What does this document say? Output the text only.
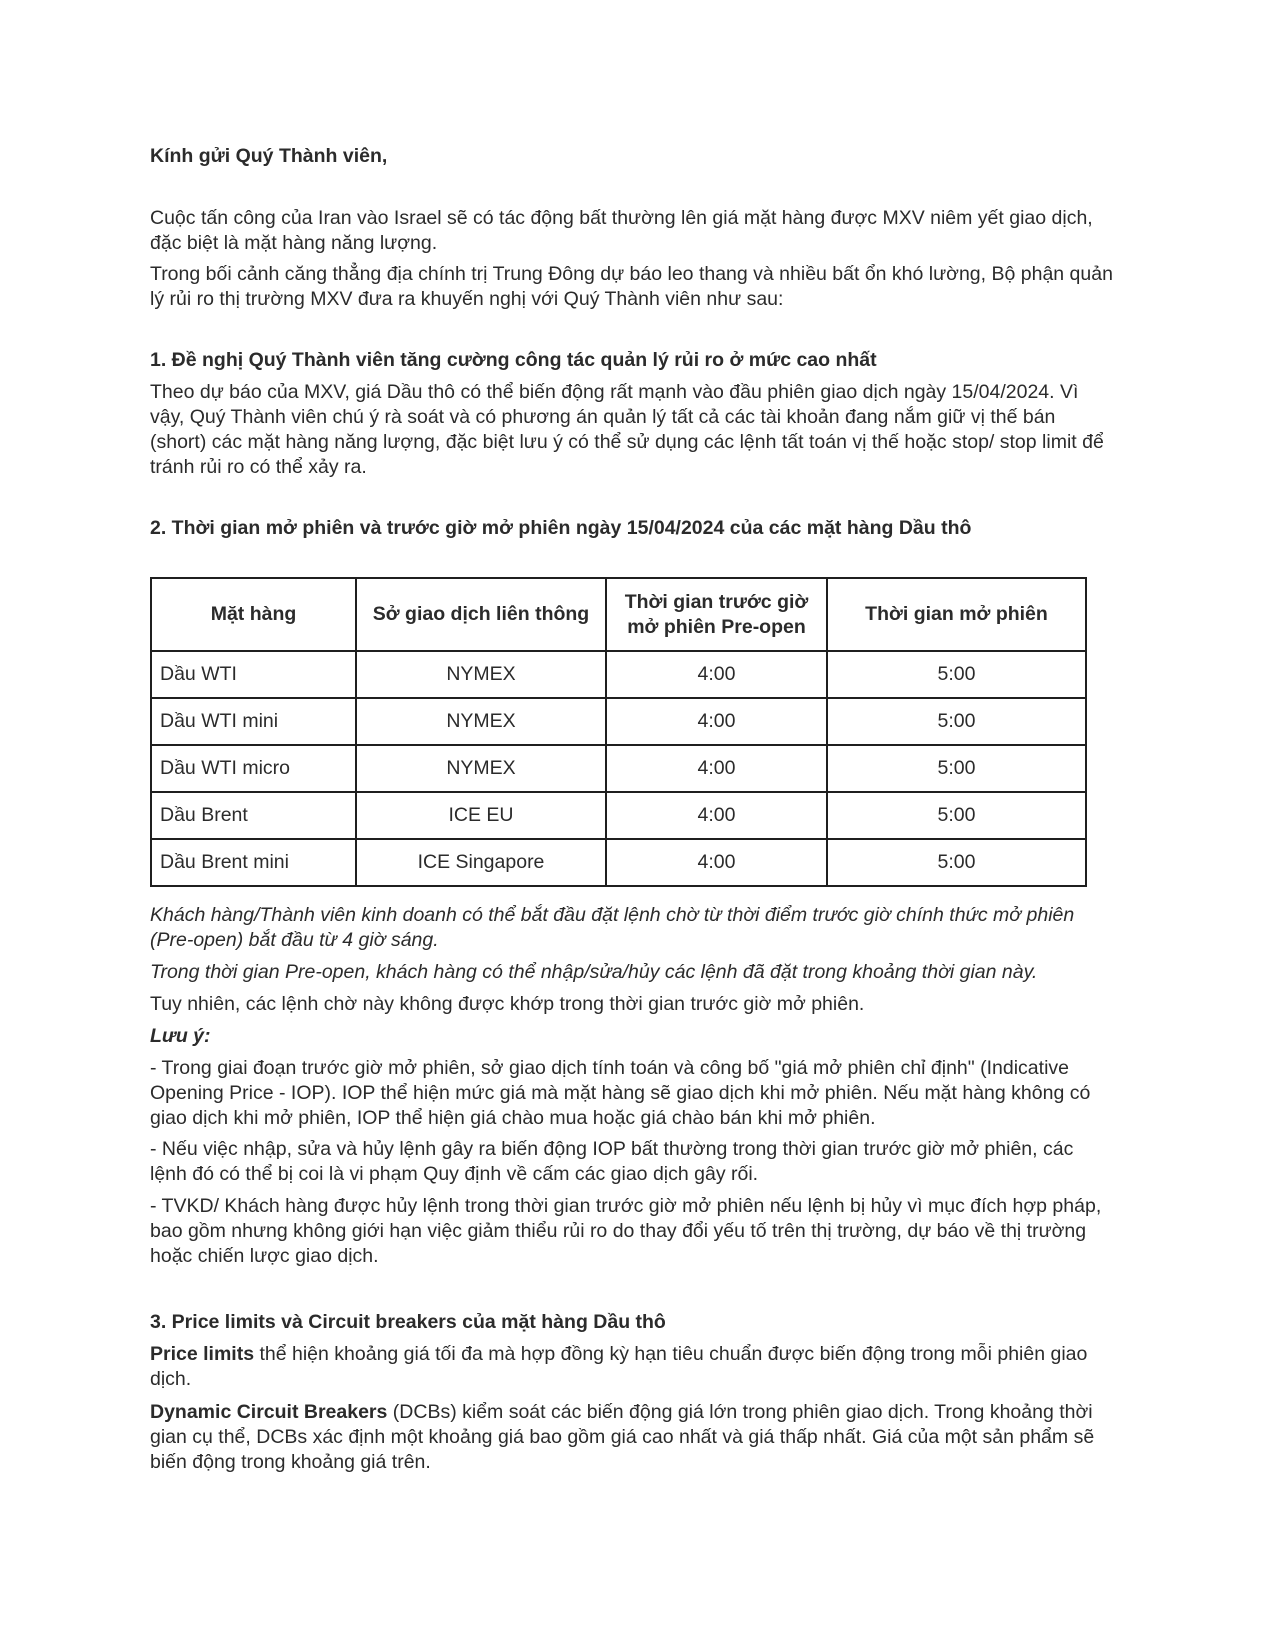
Kính gửi Quý Thành viên,

Cuộc tấn công của Iran vào Israel sẽ có tác động bất thường lên giá mặt hàng được MXV niêm yết giao dịch, đặc biệt là mặt hàng năng lượng.

Trong bối cảnh căng thẳng địa chính trị Trung Đông dự báo leo thang và nhiều bất ổn khó lường, Bộ phận quản lý rủi ro thị trường MXV đưa ra khuyến nghị với Quý Thành viên như sau:

1. Đề nghị Quý Thành viên tăng cường công tác quản lý rủi ro ở mức cao nhất

Theo dự báo của MXV, giá Dầu thô có thể biến động rất mạnh vào đầu phiên giao dịch ngày 15/04/2024. Vì vậy, Quý Thành viên chú ý rà soát và có phương án quản lý tất cả các tài khoản đang nắm giữ vị thế bán (short) các mặt hàng năng lượng, đặc biệt lưu ý có thể sử dụng các lệnh tất toán vị thế hoặc stop/ stop limit để tránh rủi ro có thể xảy ra.

2. Thời gian mở phiên và trước giờ mở phiên ngày 15/04/2024 của các mặt hàng Dầu thô

Mặt hàng	Sở giao dịch liên thông	Thời gian trước giờ mở phiên Pre-open	Thời gian mở phiên
Dầu WTI	NYMEX	4:00	5:00
Dầu WTI mini	NYMEX	4:00	5:00
Dầu WTI micro	NYMEX	4:00	5:00
Dầu Brent	ICE EU	4:00	5:00
Dầu Brent mini	ICE Singapore	4:00	5:00

Khách hàng/Thành viên kinh doanh có thể bắt đầu đặt lệnh chờ từ thời điểm trước giờ chính thức mở phiên (Pre-open) bắt đầu từ 4 giờ sáng.

Trong thời gian Pre-open, khách hàng có thể nhập/sửa/hủy các lệnh đã đặt trong khoảng thời gian này.

Tuy nhiên, các lệnh chờ này không được khớp trong thời gian trước giờ mở phiên.

Lưu ý:

- Trong giai đoạn trước giờ mở phiên, sở giao dịch tính toán và công bố "giá mở phiên chỉ định" (Indicative Opening Price - IOP). IOP thể hiện mức giá mà mặt hàng sẽ giao dịch khi mở phiên. Nếu mặt hàng không có giao dịch khi mở phiên, IOP thể hiện giá chào mua hoặc giá chào bán khi mở phiên.

- Nếu việc nhập, sửa và hủy lệnh gây ra biến động IOP bất thường trong thời gian trước giờ mở phiên, các lệnh đó có thể bị coi là vi phạm Quy định về cấm các giao dịch gây rối.

- TVKD/ Khách hàng được hủy lệnh trong thời gian trước giờ mở phiên nếu lệnh bị hủy vì mục đích hợp pháp, bao gồm nhưng không giới hạn việc giảm thiểu rủi ro do thay đổi yếu tố trên thị trường, dự báo về thị trường hoặc chiến lược giao dịch.

3. Price limits và Circuit breakers của mặt hàng Dầu thô

Price limits thể hiện khoảng giá tối đa mà hợp đồng kỳ hạn tiêu chuẩn được biến động trong mỗi phiên giao dịch.

Dynamic Circuit Breakers (DCBs) kiểm soát các biến động giá lớn trong phiên giao dịch. Trong khoảng thời gian cụ thể, DCBs xác định một khoảng giá bao gồm giá cao nhất và giá thấp nhất. Giá của một sản phẩm sẽ biến động trong khoảng giá trên.
